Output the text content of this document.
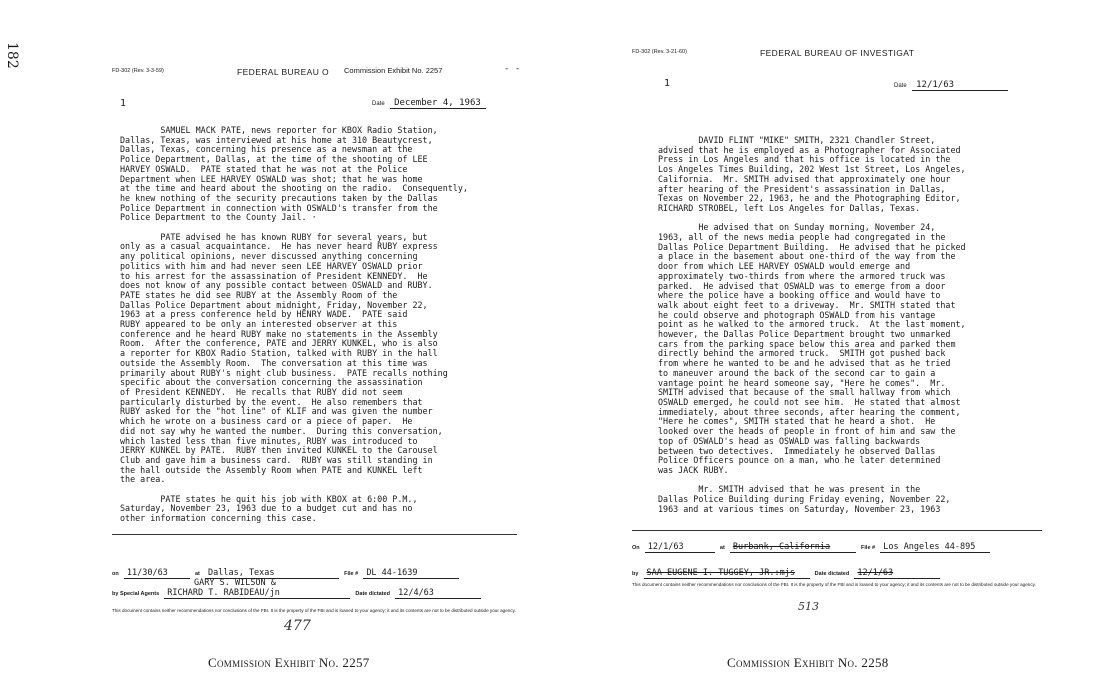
182
FD-302 (Rev. 3-3-59)	FEDERAL BUREAU O Commission Exhibit No. 2257	- -
1	Date December 4, 1963
SAMUEL MACK PATE, news reporter for KBOX Radio Station,
Dallas, Texas, was interviewed at his home at 310 Beautycrest,
Dallas, Texas, concerning his presence as a newsman at the
Police Department, Dallas, at the time of the shooting of LEE
HARVEY OSWALD.  PATE stated that he was not at the Police
Department when LEE HARVEY OSWALD was shot; that he was home
at the time and heard about the shooting on the radio.  Consequently,
he knew nothing of the security precautions taken by the Dallas
Police Department in connection with OSWALD's transfer from the
Police Department to the County Jail. ·

PATE advised he has known RUBY for several years, but
only as a casual acquaintance.  He has never heard RUBY express
any political opinions, never discussed anything concerning
politics with him and had never seen LEE HARVEY OSWALD prior
to his arrest for the assassination of President KENNEDY.  He
does not know of any possible contact between OSWALD and RUBY.
PATE states he did see RUBY at the Assembly Room of the
Dallas Police Department about midnight, Friday, November 22,
1963 at a press conference held by HENRY WADE.  PATE said
RUBY appeared to be only an interested observer at this
conference and he heard RUBY make no statements in the Assembly
Room.  After the conference, PATE and JERRY KUNKEL, who is also
a reporter for KBOX Radio Station, talked with RUBY in the hall
outside the Assembly Room.  The conversation at this time was
primarily about RUBY's night club business.  PATE recalls nothing
specific about the conversation concerning the assassination
of President KENNEDY.  He recalls that RUBY did not seem
particularly disturbed by the event.  He also remembers that
RUBY asked for the "hot line" of KLIF and was given the number
which he wrote on a business card or a piece of paper.  He
did not say why he wanted the number.  During this conversation,
which lasted less than five minutes, RUBY was introduced to
JERRY KUNKEL by PATE.  RUBY then invited KUNKEL to the Carousel
Club and gave him a business card.  RUBY was still standing in
the hall outside the Assembly Room when PATE and KUNKEL left
the area.

PATE states he quit his job with KBOX at 6:00 P.M.,
Saturday, November 23, 1963 due to a budget cut and has no
other information concerning this case.
on 11/30/63	at Dallas, Texas	File # DL 44-1639
GARY S. WILSON &
by Special Agents RICHARD T. RABIDEAU/jn	Date dictated 12/4/63
This document contains neither recommendations nor conclusions of the FBI. It is the property of the FBI and is loaned to your agency; it and its contents are not to be distributed outside your agency.
477
FD-302 (Rev. 3-21-60)	FEDERAL BUREAU OF INVESTIGAT
1	Date 12/1/63
DAVID FLINT "MIKE" SMITH, 2321 Chandler Street,
advised that he is employed as a Photographer for Associated
Press in Los Angeles and that his office is located in the
Los Angeles Times Building, 202 West 1st Street, Los Angeles,
California.  Mr. SMITH advised that approximately one hour
after hearing of the President's assassination in Dallas,
Texas on November 22, 1963, he and the Photographing Editor,
RICHARD STROBEL, left Los Angeles for Dallas, Texas.

He advised that on Sunday morning, November 24,
1963, all of the news media people had congregated in the
Dallas Police Department Building.  He advised that he picked
a place in the basement about one-third of the way from the
door from which LEE HARVEY OSWALD would emerge and
approximately two-thirds from where the armored truck was
parked.  He advised that OSWALD was to emerge from a door
where the police have a booking office and would have to
walk about eight feet to a driveway.  Mr. SMITH stated that
he could observe and photograph OSWALD from his vantage
point as he walked to the armored truck.  At the last moment,
however, the Dallas Police Department brought two unmarked
cars from the parking space below this area and parked them
directly behind the armored truck.  SMITH got pushed back
from where he wanted to be and he advised that as he tried
to maneuver around the back of the second car to gain a
vantage point he heard someone say, "Here he comes".  Mr.
SMITH advised that because of the small hallway from which
OSWALD emerged, he could not see him.  He stated that almost
immediately, about three seconds, after hearing the comment,
"Here he comes", SMITH stated that he heard a shot.  He
looked over the heads of people in front of him and saw the
top of OSWALD's head as OSWALD was falling backwards
between two detectives.  Immediately he observed Dallas
Police Officers pounce on a man, who he later determined
was JACK RUBY.

Mr. SMITH advised that he was present in the
Dallas Police Building during Friday evening, November 22,
1963 and at various times on Saturday, November 23, 1963
On 12/1/63	at Burbank, California	File # Los Angeles 44-895
by SAA EUGENE I. TUGGEY, JR.:mjs	Date dictated 12/1/63
This document contains neither recommendations nor conclusions of the FBI. It is the property of the FBI and is loaned to your agency; it and its contents are not to be distributed outside your agency.
513
Commission Exhibit No. 2257	Commission Exhibit No. 2258
